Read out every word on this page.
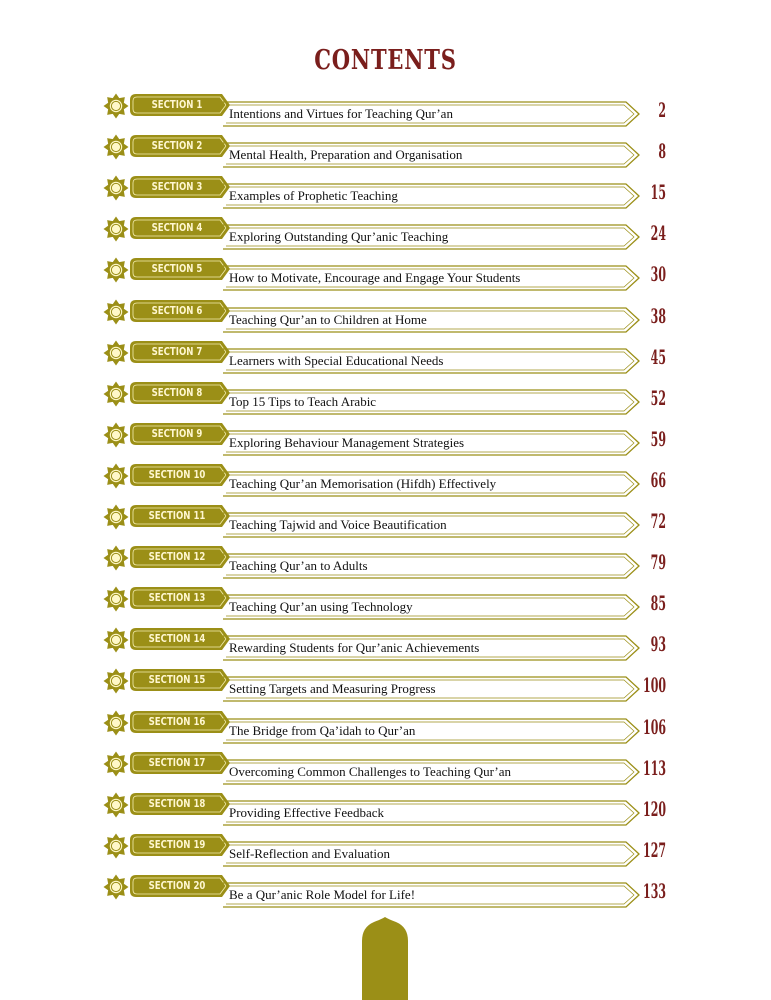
CONTENTS
SECTION 1
Intentions and Virtues for Teaching Qur’an	2
SECTION 2
Mental Health, Preparation and Organisation	8
SECTION 3
Examples of Prophetic Teaching	15
SECTION 4
Exploring Outstanding Qur’anic Teaching	24
SECTION 5
How to Motivate, Encourage and Engage Your Students	30
SECTION 6
Teaching Qur’an to Children at Home	38
SECTION 7
Learners with Special Educational Needs	45
SECTION 8
Top 15 Tips to Teach Arabic	52
SECTION 9
Exploring Behaviour Management Strategies	59
SECTION 10
Teaching Qur’an Memorisation (Hifdh) Effectively	66
SECTION 11
Teaching Tajwid and Voice Beautification	72
SECTION 12
Teaching Qur’an to Adults	79
SECTION 13
Teaching Qur’an using Technology	85
SECTION 14
Rewarding Students for Qur’anic Achievements	93
SECTION 15
Setting Targets and Measuring Progress	100
SECTION 16
The Bridge from Qa’idah to Qur’an	106
SECTION 17
Overcoming Common Challenges to Teaching Qur’an	113
SECTION 18
Providing Effective Feedback	120
SECTION 19
Self-Reflection and Evaluation	127
SECTION 20
Be a Qur’anic Role Model for Life!	133
